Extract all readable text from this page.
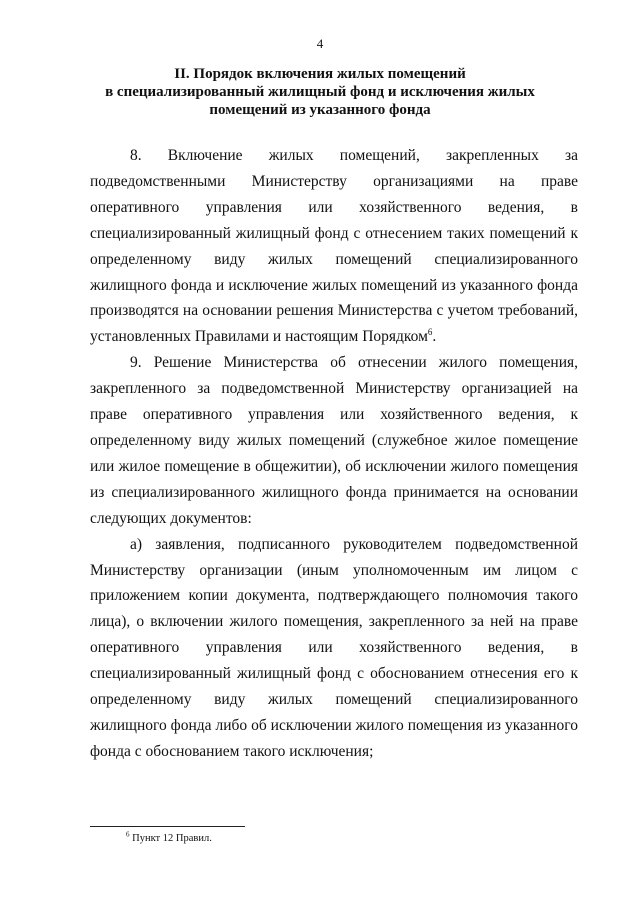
4
II. Порядок включения жилых помещений
в специализированный жилищный фонд и исключения жилых
помещений из указанного фонда

8. Включение жилых помещений, закрепленных за подведомственными Министерству организациями на праве оперативного управления или хозяйственного ведения, в специализированный жилищный фонд с отнесением таких помещений к определенному виду жилых помещений специализированного жилищного фонда и исключение жилых помещений из указанного фонда производятся на основании решения Министерства с учетом требований, установленных Правилами и настоящим Порядком$^6$.

9. Решение Министерства об отнесении жилого помещения, закрепленного за подведомственной Министерству организацией на праве оперативного управления или хозяйственного ведения, к определенному виду жилых помещений (служебное жилое помещение или жилое помещение в общежитии), об исключении жилого помещения из специализированного жилищного фонда принимается на основании следующих документов:

а) заявления, подписанного руководителем подведомственной Министерству организации (иным уполномоченным им лицом с приложением копии документа, подтверждающего полномочия такого лица), о включении жилого помещения, закрепленного за ней на праве оперативного управления или хозяйственного ведения, в специализированный жилищный фонд с обоснованием отнесения его к определенному виду жилых помещений специализированного жилищного фонда либо об исключении жилого помещения из указанного фонда с обоснованием такого исключения;

$^6$ Пункт 12 Правил.
